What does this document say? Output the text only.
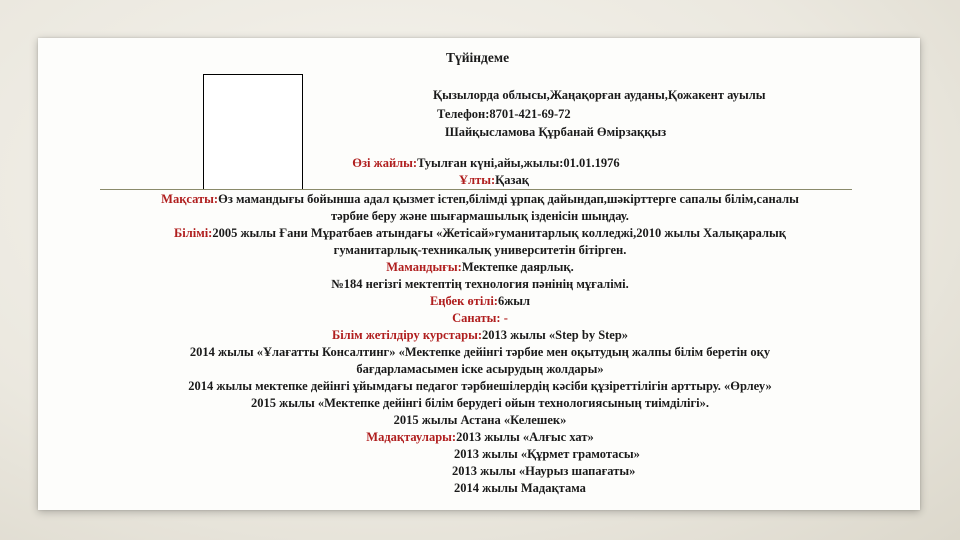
Түйіндеме
Қызылорда облысы,Жаңақорған ауданы,Қожакент ауылы
Телефон:8701-421-69-72
Шайқысламова Құрбанай Өмірзаққыз
Өзі жайлы:Туылған күні,айы,жылы:01.01.1976
Ұлты:Қазақ
Мақсаты:Өз мамандығы бойынша адал қызмет істеп,білімді ұрпақ дайындап,шәкірттерге сапалы білім,саналы
тәрбие беру және шығармашылық ізденісін шыңдау.
Білімі:2005 жылы Ғани Мұратбаев атындағы «Жетісай»гуманитарлық колледжі,2010 жылы Халықаралық
гуманитарлық-техникалық университетін бітірген.
Мамандығы:Мектепке даярлық.
№184 негізгі мектептің технология пәнінің мұғалімі.
Еңбек өтілі:6жыл
Санаты: -
Білім жетілдіру курстары:2013 жылы «Step by Step»
2014 жылы «Ұлағатты Консалтинг» «Мектепке дейінгі тәрбие мен оқытудың жалпы білім беретін оқу
бағдарламасымен іске асырудың жолдары»
2014 жылы мектепке дейінгі ұйымдағы педагог тәрбиешілердің кәсіби құзіреттілігін арттыру. «Өрлеу»
2015 жылы «Мектепке дейінгі білім берудегі ойын технологиясының тиімділігі».
2015 жылы Астана «Келешек»
Мадақтаулары:2013 жылы «Алғыс хат»
2013 жылы «Құрмет грамотасы»
2013 жылы «Наурыз шапағаты»
2014 жылы Мадақтама
